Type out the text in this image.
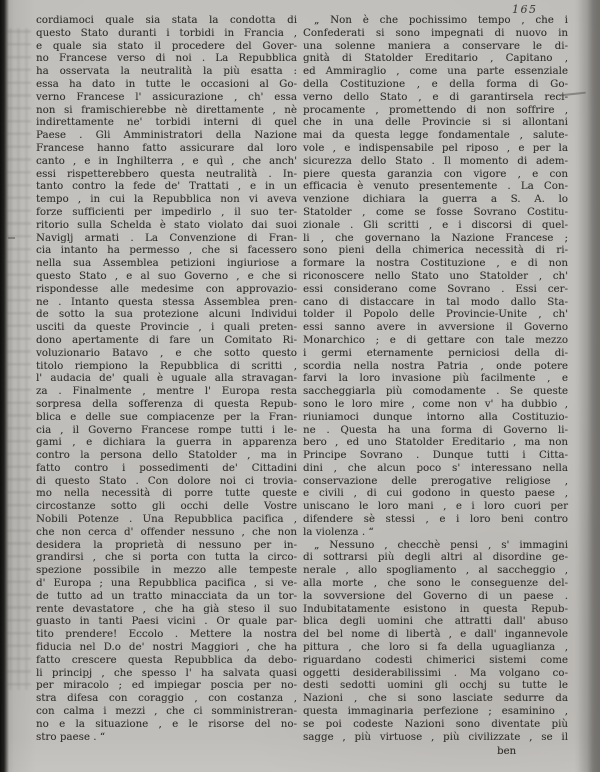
165
cordiamoci quale sia stata la condotta di
questo Stato duranti i torbidi in Francia ,
e quale sia stato il procedere del Gover-
no Francese verso di noi . La Repubblica
ha osservata la neutralità la più esatta :
essa ha dato in tutte le occasioni al Go-
verno Francese l' assicurazione , ch' essa
non si framischierebbe nè direttamente , nè
indirettamente ne' torbidi interni di quel
Paese . Gli Amministratori della Nazione
Francese hanno fatto assicurare dal loro
canto , e in Inghilterra , e quì , che anch'
essi rispetterebbero questa neutralità . In-
tanto contro la fede de' Trattati , e in un
tempo , in cui la Repubblica non vi aveva
forze sufficienti per impedirlo , il suo ter-
ritorio sulla Schelda è stato violato dai suoi
Naviglj armati . La Convenzione di Fran-
cia intanto ha permesso , che si facessero
nella sua Assemblea petizioni ingiuriose a
questo Stato , e al suo Governo , e che si
rispondesse alle medesime con approvazio-
ne . Intanto questa stessa Assemblea pren-
de sotto la sua protezione alcuni Individui
usciti da queste Provincie , i quali preten-
dono apertamente di fare un Comitato Ri-
voluzionario Batavo , e che sotto questo
titolo riempiono la Repubblica di scritti ,
l' audacia de' quali è uguale alla stravagan-
za . Finalmente , mentre l' Europa resta
sorpresa della sofferenza di questa Repub-
blica e delle sue compiacenze per la Fran-
cia , il Governo Francese rompe tutti i le-
gami , e dichiara la guerra in apparenza
contro la persona dello Statolder , ma in
fatto contro i possedimenti de' Cittadini
di questo Stato . Con dolore noi ci trovia-
mo nella necessità di porre tutte queste
circostanze sotto gli occhi delle Vostre
Nobili Potenze . Una Repubblica pacifica ,
che non cerca d' offender nessuno , che non
desidera la proprietà di nessuno per in-
grandirsi , che si porta con tutta la circo-
spezione possibile in mezzo alle tempeste
d' Europa ; una Repubblica pacifica , si ve-
de tutto ad un tratto minacciata da un tor-
rente devastatore , che ha già steso il suo
guasto in tanti Paesi vicini . Or quale par-
tito prendere! Eccolo . Mettere la nostra
fiducia nel D.o de' nostri Maggiori , che ha
fatto crescere questa Repubblica da debo-
li principj , che spesso l' ha salvata quasi
per miracolo ; ed impiegar poscia per no-
stra difesa con coraggio , con costanza ,
con calma i mezzi , che ci somministreran-
no e la situazione , e le risorse del no-
stro paese . “
„ Non è che pochissimo tempo , che i
Confederati si sono impegnati di nuovo in
una solenne maniera a conservare le di-
gnità di Statolder Ereditario , Capitano ,
ed Ammiraglio , come una parte essenziale
della Costituzione , e della forma di Go-
verno dello Stato , e di garantirsela reci-
procamente , promettendo di non soffrire ,
che in una delle Provincie si si allontani
mai da questa legge fondamentale , salute-
vole , e indispensabile pel riposo , e per la
sicurezza dello Stato . Il momento di adem-
piere questa garanzia con vigore , e con
efficacia è venuto presentemente . La Con-
venzione dichiara la guerra a S. A. lo
Statolder , come se fosse Sovrano Costitu-
zionale . Gli scritti , e i discorsi di quel-
li , che governano la Nazione Francese ;
sono pieni della chimerica necessità di ri-
formare la nostra Costituzione , e di non
riconoscere nello Stato uno Statolder , ch'
essi considerano come Sovrano . Essi cer-
cano di distaccare in tal modo dallo Sta-
tolder il Popolo delle Provincie-Unite , ch'
essi sanno avere in avversione il Governo
Monarchico ; e di gettare con tale mezzo
i germi eternamente perniciosi della di-
scordia nella nostra Patria , onde potere
farvi la loro invasione più facilmente , e
saccheggiarla più comodamente . Se queste
sono le loro mire , come non v' ha dubbio ,
riuniamoci dunque intorno alla Costituzio-
ne . Questa ha una forma di Governo li-
bero , ed uno Statolder Ereditario , ma non
Principe Sovrano . Dunque tutti i Citta-
dini , che alcun poco s' interessano nella
conservazione delle prerogative religiose ,
e civili , di cui godono in questo paese ,
uniscano le loro mani , e i loro cuori per
difendere sè stessi , e i loro beni contro
la violenza . “
„ Nessuno , checchè pensi , s' immagini
di sottrarsi più degli altri al disordine ge-
nerale , allo spogliamento , al saccheggio ,
alla morte , che sono le conseguenze del-
la sovversione del Governo di un paese .
Indubitatamente esistono in questa Repub-
blica degli uomini che attratti dall' abuso
del bel nome di libertà , e dall' ingannevole
pittura , che loro si fa della uguaglianza ,
riguardano codesti chimerici sistemi come
oggetti desiderabilissimi . Ma volgano co-
desti sedotti uomini gli occhj su tutte le
Nazioni , che si sono lasciate sedurre da
questa immaginaria perfezione ; esaminino ,
se poi codeste Nazioni sono diventate più
sagge , più virtuose , più civilizzate , se il
ben
